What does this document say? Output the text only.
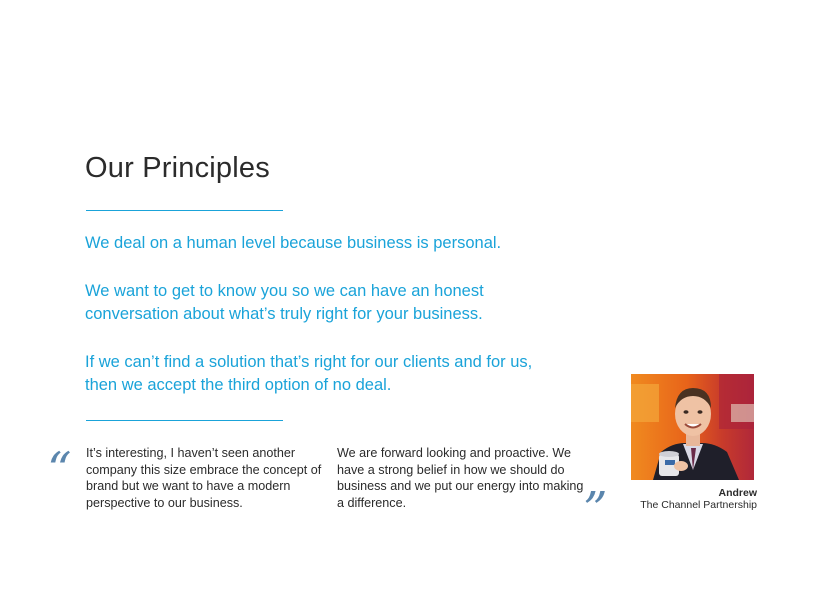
Our Principles

We deal on a human level because business is personal.

We want to get to know you so we can have an honest conversation about what’s truly right for your business.

If we can’t find a solution that’s right for our clients and for us, then we accept the third option of no deal.

“ It’s interesting, I haven’t seen another company this size embrace the concept of brand but we want to have a modern perspective to our business.
We are forward looking and proactive. We have a strong belief in how we should do business and we put our energy into making a difference.	”	Andrew
The Channel Partnership
